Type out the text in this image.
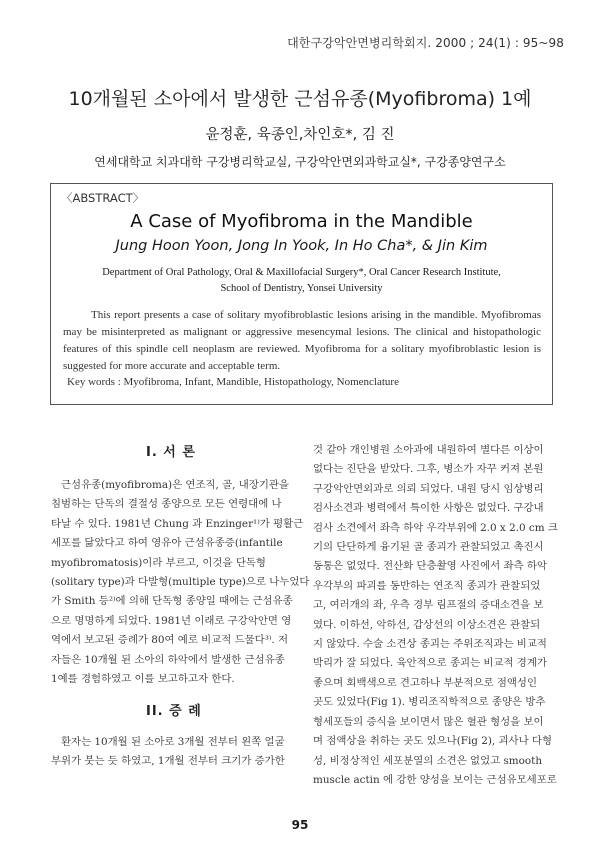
대한구강악안면병리학회지. 2000 ; 24(1) : 95~98
10개월된 소아에서 발생한 근섬유종(Myofibroma) 1예
윤정훈, 육종인,차인호*, 김 진
연세대학교 치과대학 구강병리학교실, 구강악안면외과학교실*, 구강종양연구소
〈ABSTRACT〉
A Case of Myofibroma in the Mandible
Jung Hoon Yoon, Jong In Yook, In Ho Cha*, & Jin Kim
Department of Oral Pathology, Oral & Maxillofacial Surgery*, Oral Cancer Research Institute,
School of Dentistry, Yonsei University
This report presents a case of solitary myofibroblastic lesions arising in the mandible. Myofibromas may be misinterpreted as malignant or aggressive mesencymal lesions. The clinical and histopathologic features of this spindle cell neoplasm are reviewed. Myofibroma for a solitary myofibroblastic lesion is suggested for more accurate and acceptable term.
Key words : Myofibroma, Infant, Mandible, Histopathology, Nomenclature
I. 서 론
근섬유종(myofibroma)은 연조직, 골, 내장기관을
침범하는 단독의 결절성 종양으로 모든 연령대에 나
타날 수 있다. 1981년 Chung 과 Enzinger¹⁾가 평활근
세포를 닮았다고 하여 영유아 근섬유종증(infantile
myofibromatosis)이라 부르고, 이것을 단독형
(solitary type)과 다발형(multiple type)으로 나누었다
가 Smith 등²⁾에 의해 단독형 종양일 때에는 근섬유종
으로 명명하게 되었다. 1981년 이래로 구강악안면 영
역에서 보고된 증례가 80여 예로 비교적 드물다³⁾. 저
자들은 10개월 된 소아의 하악에서 발생한 근섬유종
1예를 경험하였고 이를 보고하고자 한다.
II. 증 례
환자는 10개월 된 소아로 3개월 전부터 왼쪽 얼굴
부위가 붓는 듯 하였고, 1개월 전부터 크기가 증가한
것 같아 개인병원 소아과에 내원하여 별다른 이상이
없다는 진단을 받았다. 그후, 병소가 자꾸 커져 본원
구강악안면외과로 의뢰 되었다. 내원 당시 임상병리
검사소견과 병력에서 특이한 사항은 없었다. 구강내
검사 소견에서 좌측 하악 우각부위에 2.0 x 2.0 cm 크
기의 단단하게 융기된 골 종괴가 관찰되었고 촉진시
동통은 없었다. 전산화 단층촬영 사진에서 좌측 하악
우각부의 파괴를 동반하는 연조직 종괴가 관찰되었
고, 여러개의 좌, 우측 경부 림프절의 증대소견을 보
였다. 이하선, 악하선, 갑상선의 이상소견은 관찰되
지 않았다. 수술 소견상 종괴는 주위조직과는 비교적
박리가 잘 되었다. 육안적으로 종괴는 비교적 경계가
좋으며 회백색으로 견고하나 부분적으로 점액성인
곳도 있었다(Fig 1). 병리조직학적으로 종양은 방추
형세포들의 증식을 보이면서 많은 혈관 형성을 보이
며 점액상을 취하는 곳도 있으나(Fig 2), 괴사나 다형
성, 비정상적인 세포분열의 소견은 없었고 smooth
muscle actin 에 강한 양성을 보이는 근섬유모세포로
95
